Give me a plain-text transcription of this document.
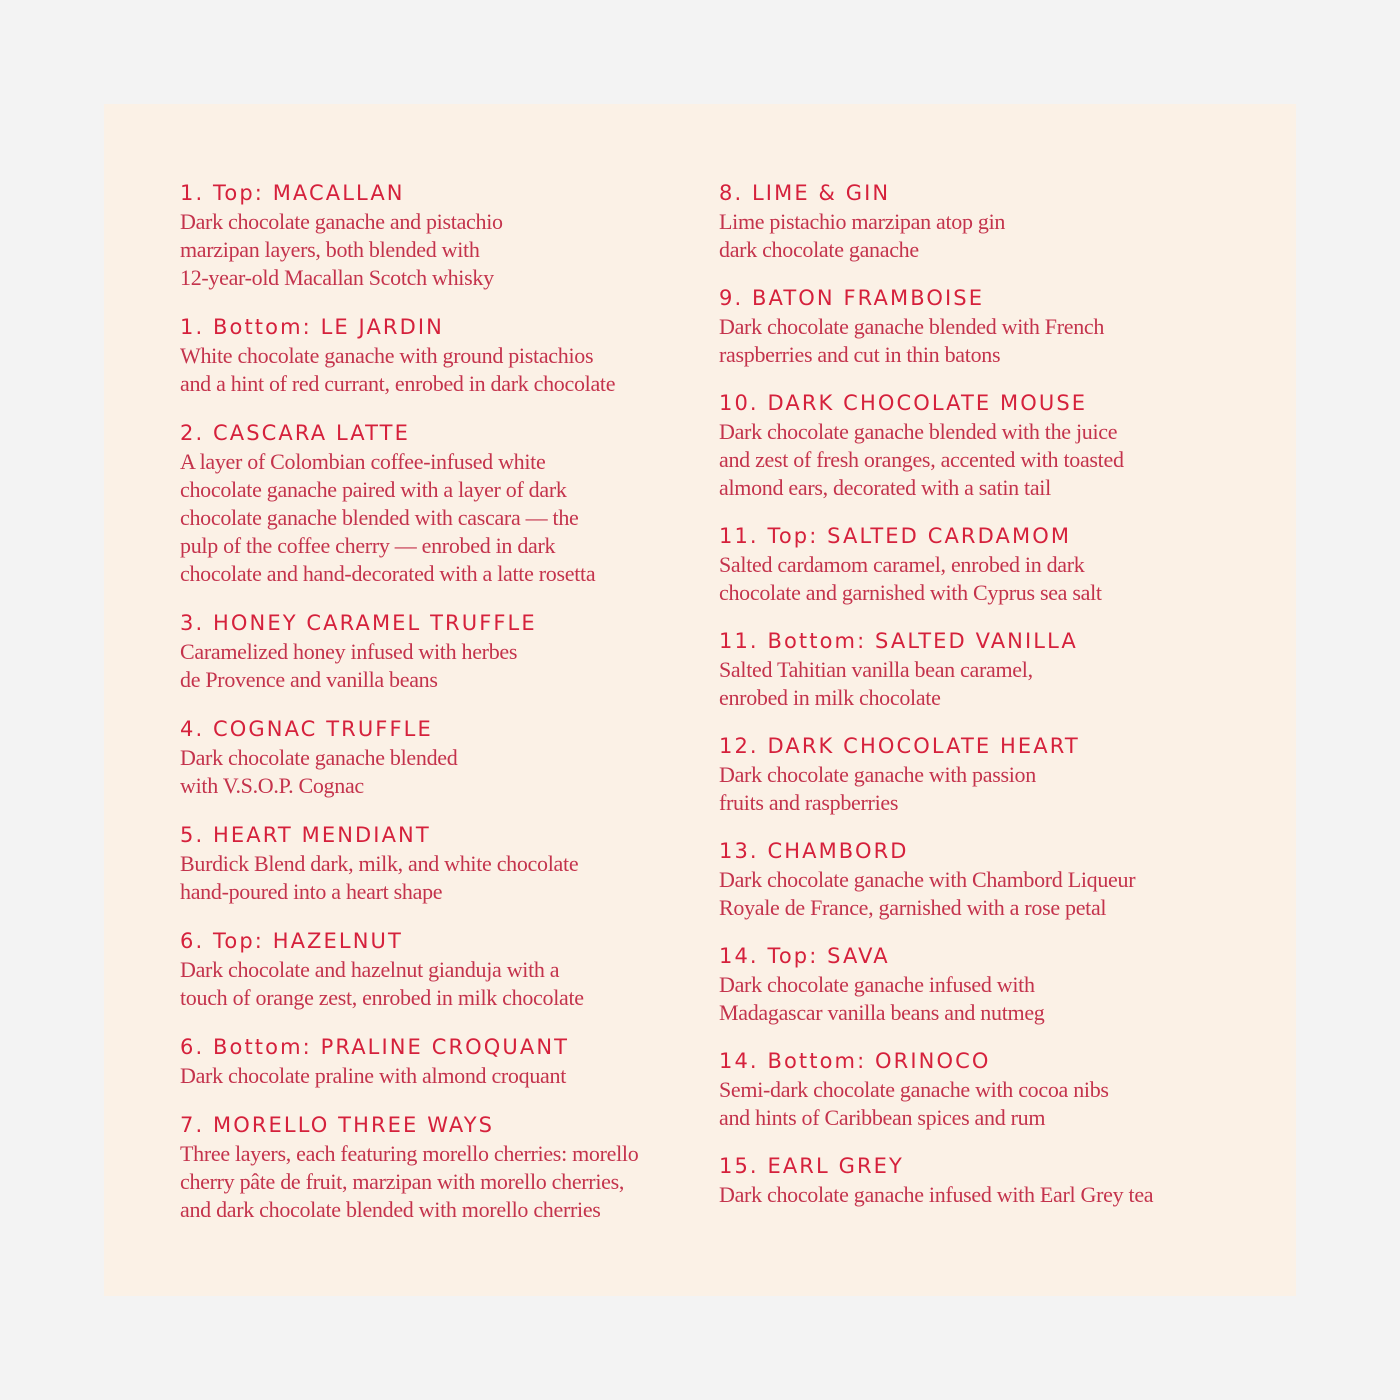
1. Top: MACALLAN
Dark chocolate ganache and pistachio
marzipan layers, both blended with
12-year-old Macallan Scotch whisky
1. Bottom: LE JARDIN
White chocolate ganache with ground pistachios
and a hint of red currant, enrobed in dark chocolate
2. CASCARA LATTE
A layer of Colombian coffee-infused white
chocolate ganache paired with a layer of dark
chocolate ganache blended with cascara — the
pulp of the coffee cherry — enrobed in dark
chocolate and hand-decorated with a latte rosetta
3. HONEY CARAMEL TRUFFLE
Caramelized honey infused with herbes
de Provence and vanilla beans
4. COGNAC TRUFFLE
Dark chocolate ganache blended
with V.S.O.P. Cognac
5. HEART MENDIANT
Burdick Blend dark, milk, and white chocolate
hand-poured into a heart shape
6. Top: HAZELNUT
Dark chocolate and hazelnut gianduja with a
touch of orange zest, enrobed in milk chocolate
6. Bottom: PRALINE CROQUANT
Dark chocolate praline with almond croquant
7. MORELLO THREE WAYS
Three layers, each featuring morello cherries: morello
cherry pâte de fruit, marzipan with morello cherries,
and dark chocolate blended with morello cherries
8. LIME & GIN
Lime pistachio marzipan atop gin
dark chocolate ganache
9. BATON FRAMBOISE
Dark chocolate ganache blended with French
raspberries and cut in thin batons
10. DARK CHOCOLATE MOUSE
Dark chocolate ganache blended with the juice
and zest of fresh oranges, accented with toasted
almond ears, decorated with a satin tail
11. Top: SALTED CARDAMOM
Salted cardamom caramel, enrobed in dark
chocolate and garnished with Cyprus sea salt
11. Bottom: SALTED VANILLA
Salted Tahitian vanilla bean caramel,
enrobed in milk chocolate
12. DARK CHOCOLATE HEART
Dark chocolate ganache with passion
fruits and raspberries
13. CHAMBORD
Dark chocolate ganache with Chambord Liqueur
Royale de France, garnished with a rose petal
14. Top: SAVA
Dark chocolate ganache infused with
Madagascar vanilla beans and nutmeg
14. Bottom: ORINOCO
Semi-dark chocolate ganache with cocoa nibs
and hints of Caribbean spices and rum
15. EARL GREY
Dark chocolate ganache infused with Earl Grey tea
